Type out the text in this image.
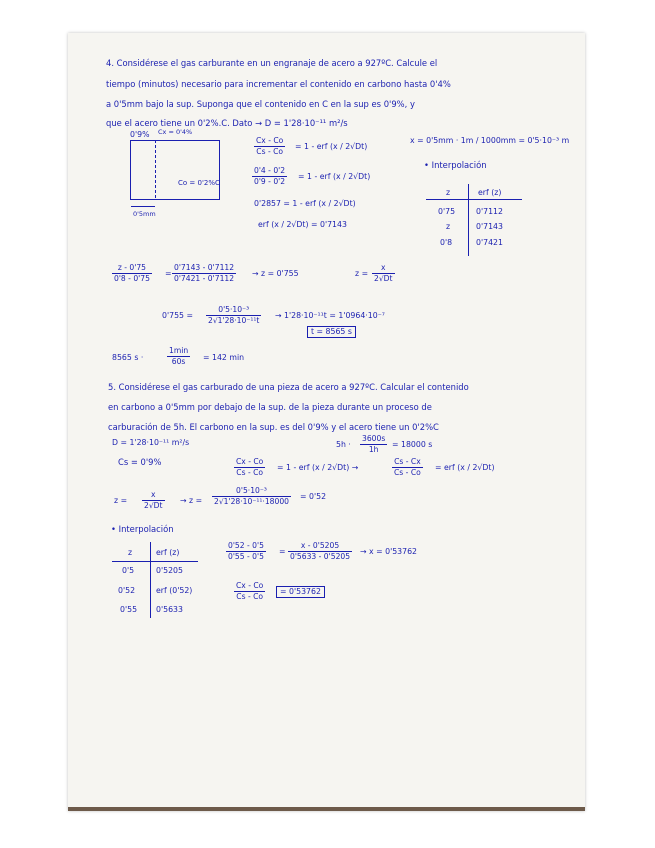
4. Considérese el gas carburante en un engranaje de acero a 927ºC. Calcule el
tiempo (minutos) necesario para incrementar el contenido en carbono hasta 0'4%
a 0'5mm bajo la sup. Suponga que el contenido en C en la sup es 0'9%, y
que el acero tiene un 0'2%.C. Dato → D = 1'28·10⁻¹¹ m²/s
0'9% Cx = 0'4%
Co = 0'2%C
0'5mm
$\frac{Cx - Co}{Cs - Co} = 1$ - erf (x / 2√Dt)
$\frac{0'4 - 0'2}{0'9 - 0'2} = 1$ - erf (x / 2√Dt)
0'2857 = 1 - erf (x / 2√Dt)
erf (x / 2√Dt) = 0'7143
x = 0'5mm · 1m / 1000mm = 0'5·10⁻³ m
• Interpolación
z	erf (z)
0'75	0'7112
z	0'7143
0'8	0'7421
$\frac{z - 0'75}{0'8 - 0'75} = \frac{0'7143 - 0'7112}{0'7421 - 0'7112} \to z = 0'755$	$z = \frac{x}{2√Dt}$
$0'755 = \frac{\text{0'5·10⁻³}}{\text{2√1'28·10⁻¹¹t}} \to 1'28\cdot 10^{-11}t = 1'0964\cdot 10^{-7}$
t = 8565 s
8565 s ·
1min
60s	= 142 min
5. Considérese el gas carburado de una pieza de acero a 927ºC. Calcular el contenido
en carbono a 0'5mm por debajo de la sup. de la pieza durante un proceso de
carburación de 5h. El carbono en la sup. es del 0'9% y el acero tiene un 0'2%C
D = 1'28·10⁻¹¹ m²/s	$5h \cdot \frac{3600s}{1h} = 18000$ s
Cs = 0'9%	$\frac{Cx - Co}{Cs - Co} = 1$ - erf (x / 2√Dt) →	$\frac{Cs - Cx}{Cs - Co}$ = erf (x / 2√Dt)
$z = \frac{x}{2√Dt} \to z = \frac{\text{0'5·10⁻³}}{\text{2√1'28·10⁻¹¹·18000}} = 0'52$
• Interpolación
z	erf (z)
0'5	0'5205
0'52	erf (0'52)
0'55 0'5633
$\frac{0'52 - 0'5}{0'55 - 0'5} = \frac{x - 0'5205}{0'5633 - 0'5205} \to x = 0'53762$
$\frac{Cx - Co}{Cs - Co}$	= 0'53762
